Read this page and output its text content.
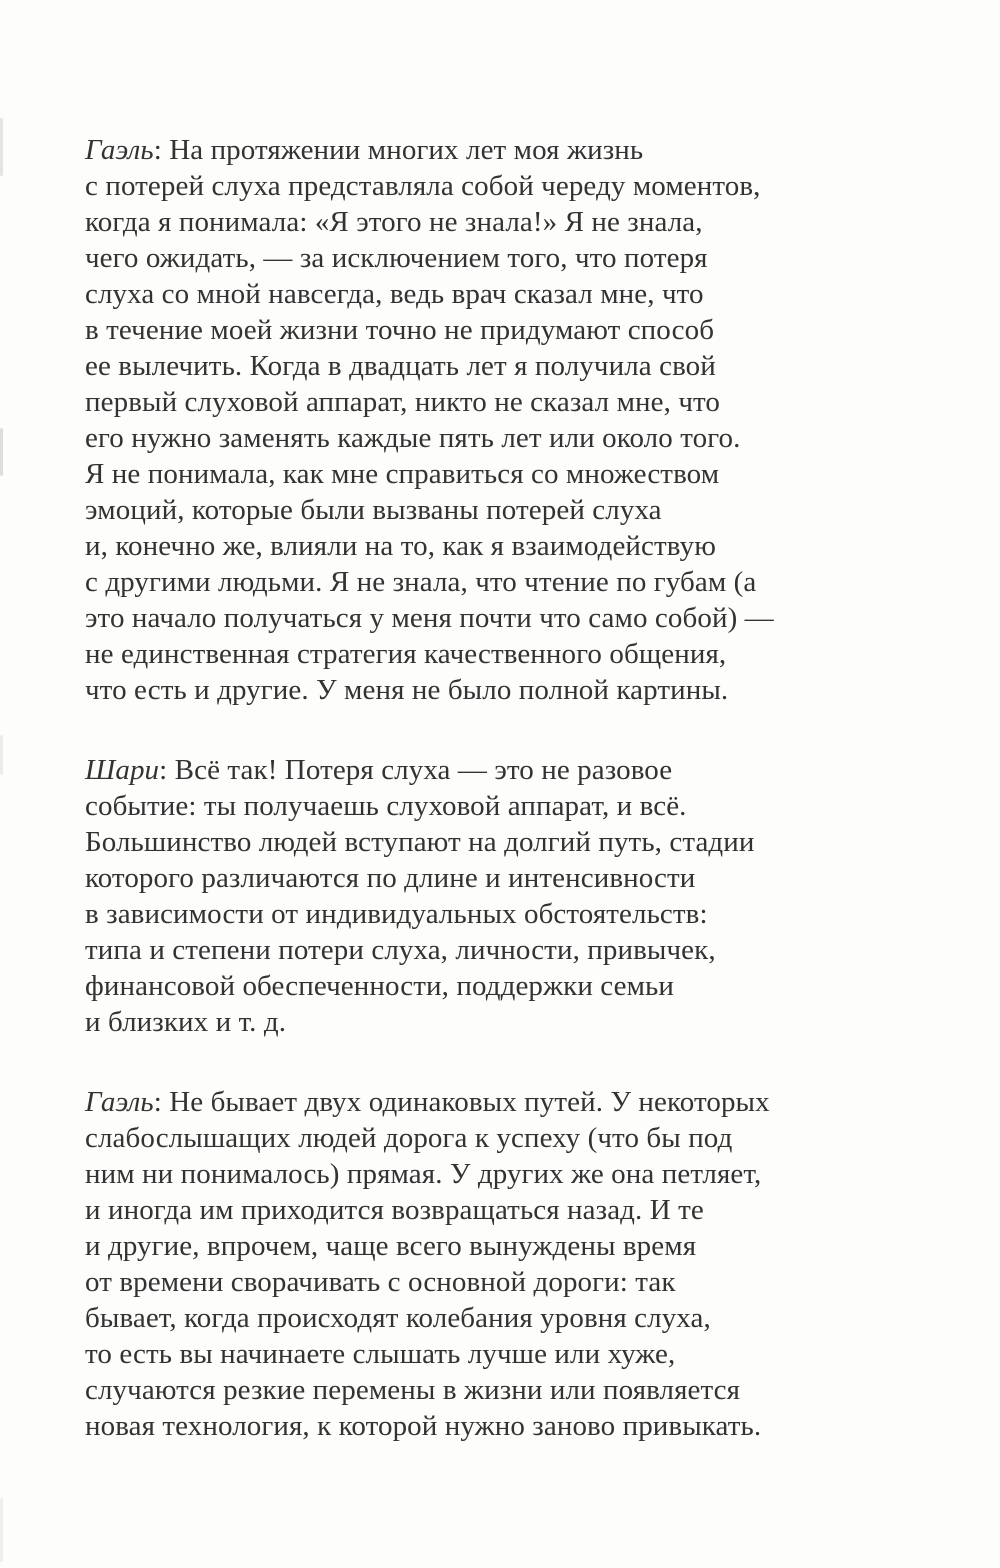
Гаэль: На протяжении многих лет моя жизнь
с потерей слуха представляла собой череду моментов,
когда я понимала: «Я этого не знала!» Я не знала,
чего ожидать, — за исключением того, что потеря
слуха со мной навсегда, ведь врач сказал мне, что
в течение моей жизни точно не придумают способ
ее вылечить. Когда в двадцать лет я получила свой
первый слуховой аппарат, никто не сказал мне, что
его нужно заменять каждые пять лет или около того.
Я не понимала, как мне справиться со множеством
эмоций, которые были вызваны потерей слуха
и, конечно же, влияли на то, как я взаимодействую
с другими людьми. Я не знала, что чтение по губам (а
это начало получаться у меня почти что само собой) —
не единственная стратегия качественного общения,
что есть и другие. У меня не было полной картины.

Шари: Всё так! Потеря слуха — это не разовое
событие: ты получаешь слуховой аппарат, и всё.
Большинство людей вступают на долгий путь, стадии
которого различаются по длине и интенсивности
в зависимости от индивидуальных обстоятельств:
типа и степени потери слуха, личности, привычек,
финансовой обеспеченности, поддержки семьи
и близких и т. д.

Гаэль: Не бывает двух одинаковых путей. У некоторых
слабослышащих людей дорога к успеху (что бы под
ним ни понималось) прямая. У других же она петляет,
и иногда им приходится возвращаться назад. И те
и другие, впрочем, чаще всего вынуждены время
от времени сворачивать с основной дороги: так
бывает, когда происходят колебания уровня слуха,
то есть вы начинаете слышать лучше или хуже,
случаются резкие перемены в жизни или появляется
новая технология, к которой нужно заново привыкать.
